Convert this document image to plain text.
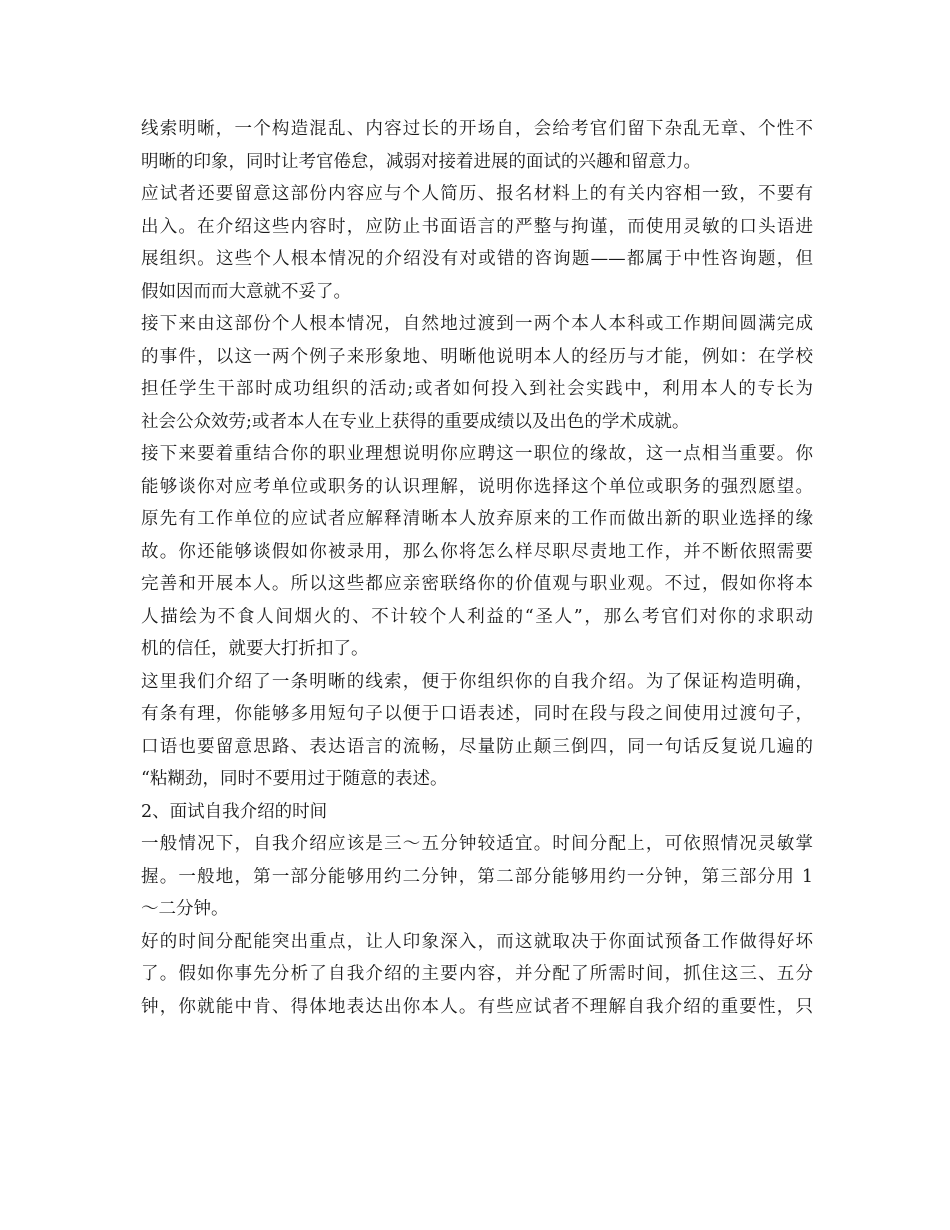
线索明晰，一个构造混乱、内容过长的开场自，会给考官们留下杂乱无章、个性不
明晰的印象，同时让考官倦怠，减弱对接着进展的面试的兴趣和留意力。
应试者还要留意这部份内容应与个人简历、报名材料上的有关内容相一致，不要有
出入。在介绍这些内容时，应防止书面语言的严整与拘谨，而使用灵敏的口头语进
展组织。这些个人根本情况的介绍没有对或错的咨询题——都属于中性咨询题，但
假如因而而大意就不妥了。
接下来由这部份个人根本情况，自然地过渡到一两个本人本科或工作期间圆满完成
的事件，以这一两个例子来形象地、明晰他说明本人的经历与才能，例如：在学校
担任学生干部时成功组织的活动;或者如何投入到社会实践中，利用本人的专长为
社会公众效劳;或者本人在专业上获得的重要成绩以及出色的学术成就。
接下来要着重结合你的职业理想说明你应聘这一职位的缘故，这一点相当重要。你
能够谈你对应考单位或职务的认识理解，说明你选择这个单位或职务的强烈愿望。
原先有工作单位的应试者应解释清晰本人放弃原来的工作而做出新的职业选择的缘
故。你还能够谈假如你被录用，那么你将怎么样尽职尽责地工作，并不断依照需要
完善和开展本人。所以这些都应亲密联络你的价值观与职业观。不过，假如你将本
人描绘为不食人间烟火的、不计较个人利益的“圣人”，那么考官们对你的求职动
机的信任，就要大打折扣了。
这里我们介绍了一条明晰的线索，便于你组织你的自我介绍。为了保证构造明确，
有条有理，你能够多用短句子以便于口语表述，同时在段与段之间使用过渡句子，
口语也要留意思路、表达语言的流畅，尽量防止颠三倒四，同一句话反复说几遍的
“粘糊劲，同时不要用过于随意的表述。
2、面试自我介绍的时间
一般情况下，自我介绍应该是三～五分钟较适宜。时间分配上，可依照情况灵敏掌
握。一般地，第一部分能够用约二分钟，第二部分能够用约一分钟，第三部分用 1
～二分钟。
好的时间分配能突出重点，让人印象深入，而这就取决于你面试预备工作做得好坏
了。假如你事先分析了自我介绍的主要内容，并分配了所需时间，抓住这三、五分
钟，你就能中肯、得体地表达出你本人。有些应试者不理解自我介绍的重要性，只
